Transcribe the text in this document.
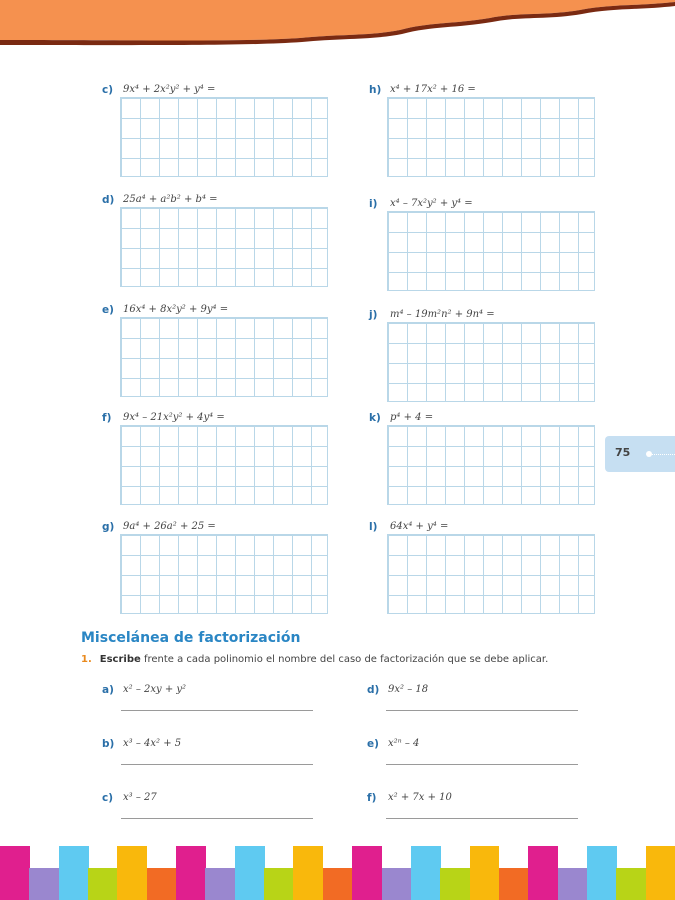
c) 9x⁴ + 2x²y² + y⁴ =
d) 25a⁴ + a²b² + b⁴ =
e) 16x⁴ + 8x²y² + 9y⁴ =
f) 9x⁴ – 21x²y² + 4y⁴ =
g) 9a⁴ + 26a² + 25 =
h) x⁴ + 17x² + 16 =
i) x⁴ – 7x²y² + y⁴ =
j) m⁴ – 19m²n² + 9n⁴ =
k) p⁴ + 4 =
l) 64x⁴ + y⁴ =
75
Miscelánea de factorización
1. Escribe frente a cada polinomio el nombre del caso de factorización que se debe aplicar.
a) x² – 2xy + y²
b) x³ – 4x² + 5
c) x³ – 27
d) 9x² – 18
e) x²ⁿ – 4
f) x² + 7x + 10
